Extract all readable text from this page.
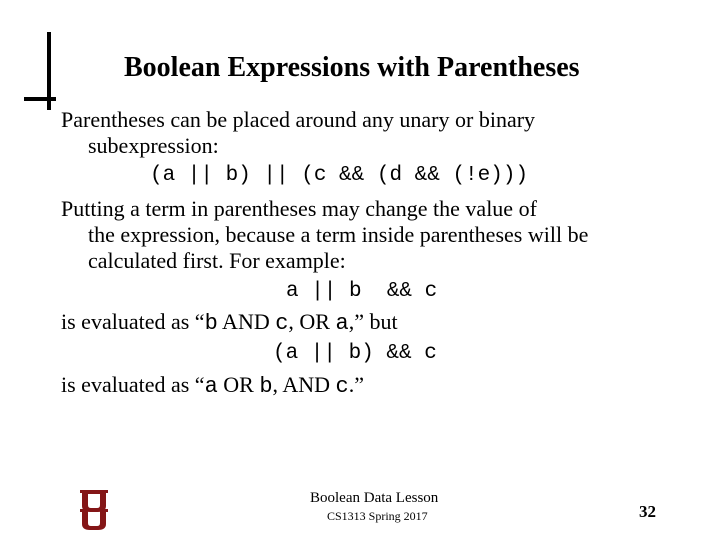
Boolean Expressions with Parentheses
Parentheses can be placed around any unary or binary
subexpression:
(a || b) || (c && (d && (!e)))
Putting a term in parentheses may change the value of
the expression, because a term inside parentheses will be
calculated first. For example:
a || b  && c
is evaluated as “b AND c, OR a,” but
(a || b) && c
is evaluated as “a OR b, AND c.”
Boolean Data Lesson
CS1313 Spring 2017	32
